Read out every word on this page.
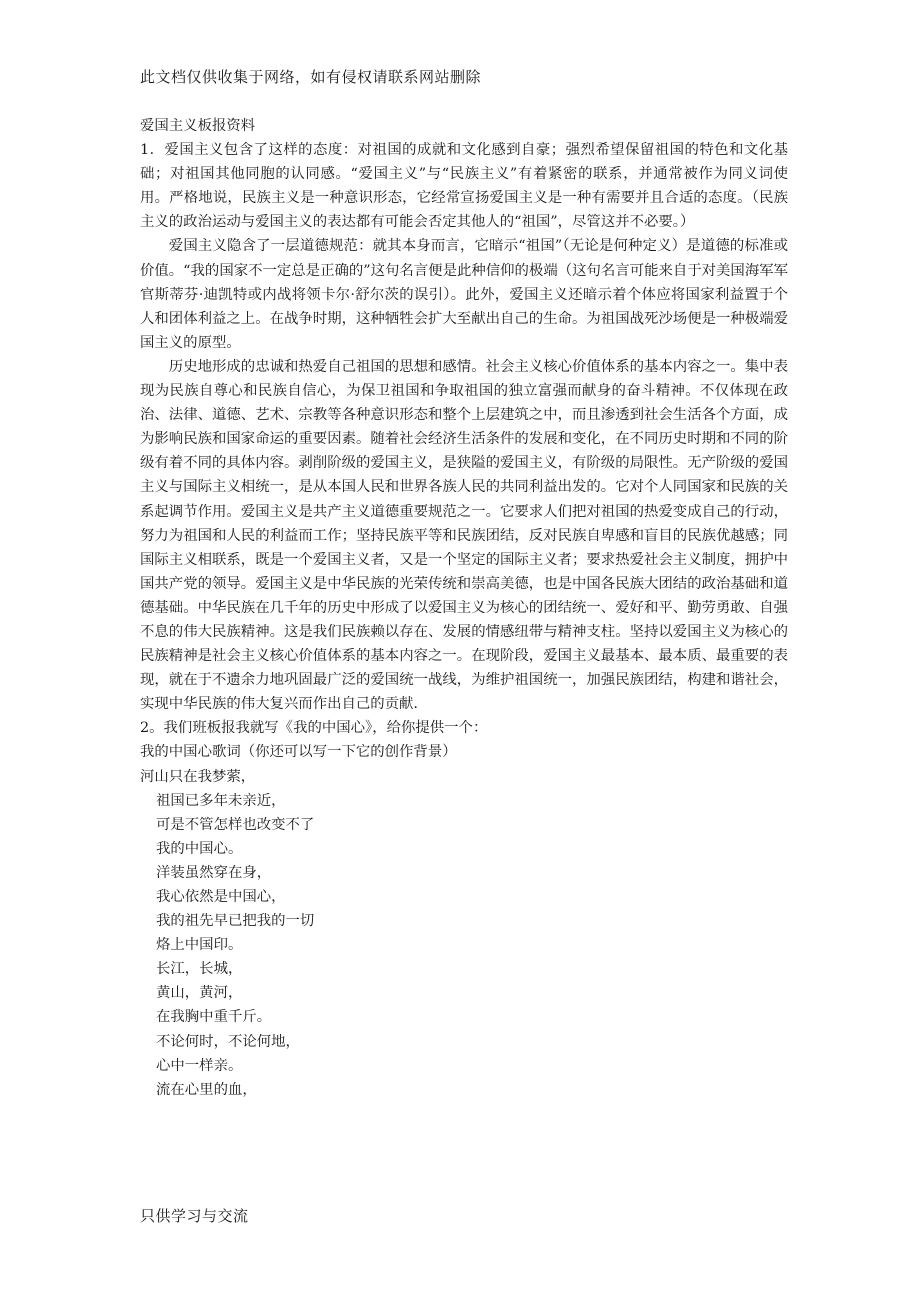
此文档仅供收集于网络，如有侵权请联系网站删除

爱国主义板报资料

1．爱国主义包含了这样的态度：对祖国的成就和文化感到自豪；强烈希望保留祖国的特色和文化基础；对祖国其他同胞的认同感。“爱国主义”与“民族主义”有着紧密的联系，并通常被作为同义词使用。严格地说，民族主义是一种意识形态，它经常宣扬爱国主义是一种有需要并且合适的态度。（民族主义的政治运动与爱国主义的表达都有可能会否定其他人的“祖国”，尽管这并不必要。）

爱国主义隐含了一层道德规范：就其本身而言，它暗示“祖国”（无论是何种定义）是道德的标准或价值。“我的国家不一定总是正确的”这句名言便是此种信仰的极端（这句名言可能来自于对美国海军军官斯蒂芬·迪凯特或内战将领卡尔·舒尔茨的误引）。此外，爱国主义还暗示着个体应将国家利益置于个人和团体利益之上。在战争时期，这种牺牲会扩大至献出自己的生命。为祖国战死沙场便是一种极端爱国主义的原型。

历史地形成的忠诚和热爱自己祖国的思想和感情。社会主义核心价值体系的基本内容之一。集中表现为民族自尊心和民族自信心，为保卫祖国和争取祖国的独立富强而献身的奋斗精神。不仅体现在政治、法律、道德、艺术、宗教等各种意识形态和整个上层建筑之中，而且渗透到社会生活各个方面，成为影响民族和国家命运的重要因素。随着社会经济生活条件的发展和变化，在不同历史时期和不同的阶级有着不同的具体内容。剥削阶级的爱国主义，是狭隘的爱国主义，有阶级的局限性。无产阶级的爱国主义与国际主义相统一，是从本国人民和世界各族人民的共同利益出发的。它对个人同国家和民族的关系起调节作用。爱国主义是共产主义道德重要规范之一。它要求人们把对祖国的热爱变成自己的行动，努力为祖国和人民的利益而工作；坚持民族平等和民族团结，反对民族自卑感和盲目的民族优越感；同国际主义相联系，既是一个爱国主义者，又是一个坚定的国际主义者；要求热爱社会主义制度，拥护中国共产党的领导。爱国主义是中华民族的光荣传统和崇高美德，也是中国各民族大团结的政治基础和道德基础。中华民族在几千年的历史中形成了以爱国主义为核心的团结统一、爱好和平、勤劳勇敢、自强不息的伟大民族精神。这是我们民族赖以存在、发展的情感纽带与精神支柱。坚持以爱国主义为核心的民族精神是社会主义核心价值体系的基本内容之一。在现阶段，爱国主义最基本、最本质、最重要的表现，就在于不遗余力地巩固最广泛的爱国统一战线，为维护祖国统一，加强民族团结，构建和谐社会，实现中华民族的伟大复兴而作出自己的贡献.

2。我们班板报我就写《我的中国心》，给你提供一个：

我的中国心歌词（你还可以写一下它的创作背景）

河山只在我梦萦，
祖国已多年未亲近，
可是不管怎样也改变不了
我的中国心。
洋装虽然穿在身，
我心依然是中国心，
我的祖先早已把我的一切
烙上中国印。
长江，长城，
黄山，黄河，
在我胸中重千斤。
不论何时，不论何地，
心中一样亲。
流在心里的血，
只供学习与交流
